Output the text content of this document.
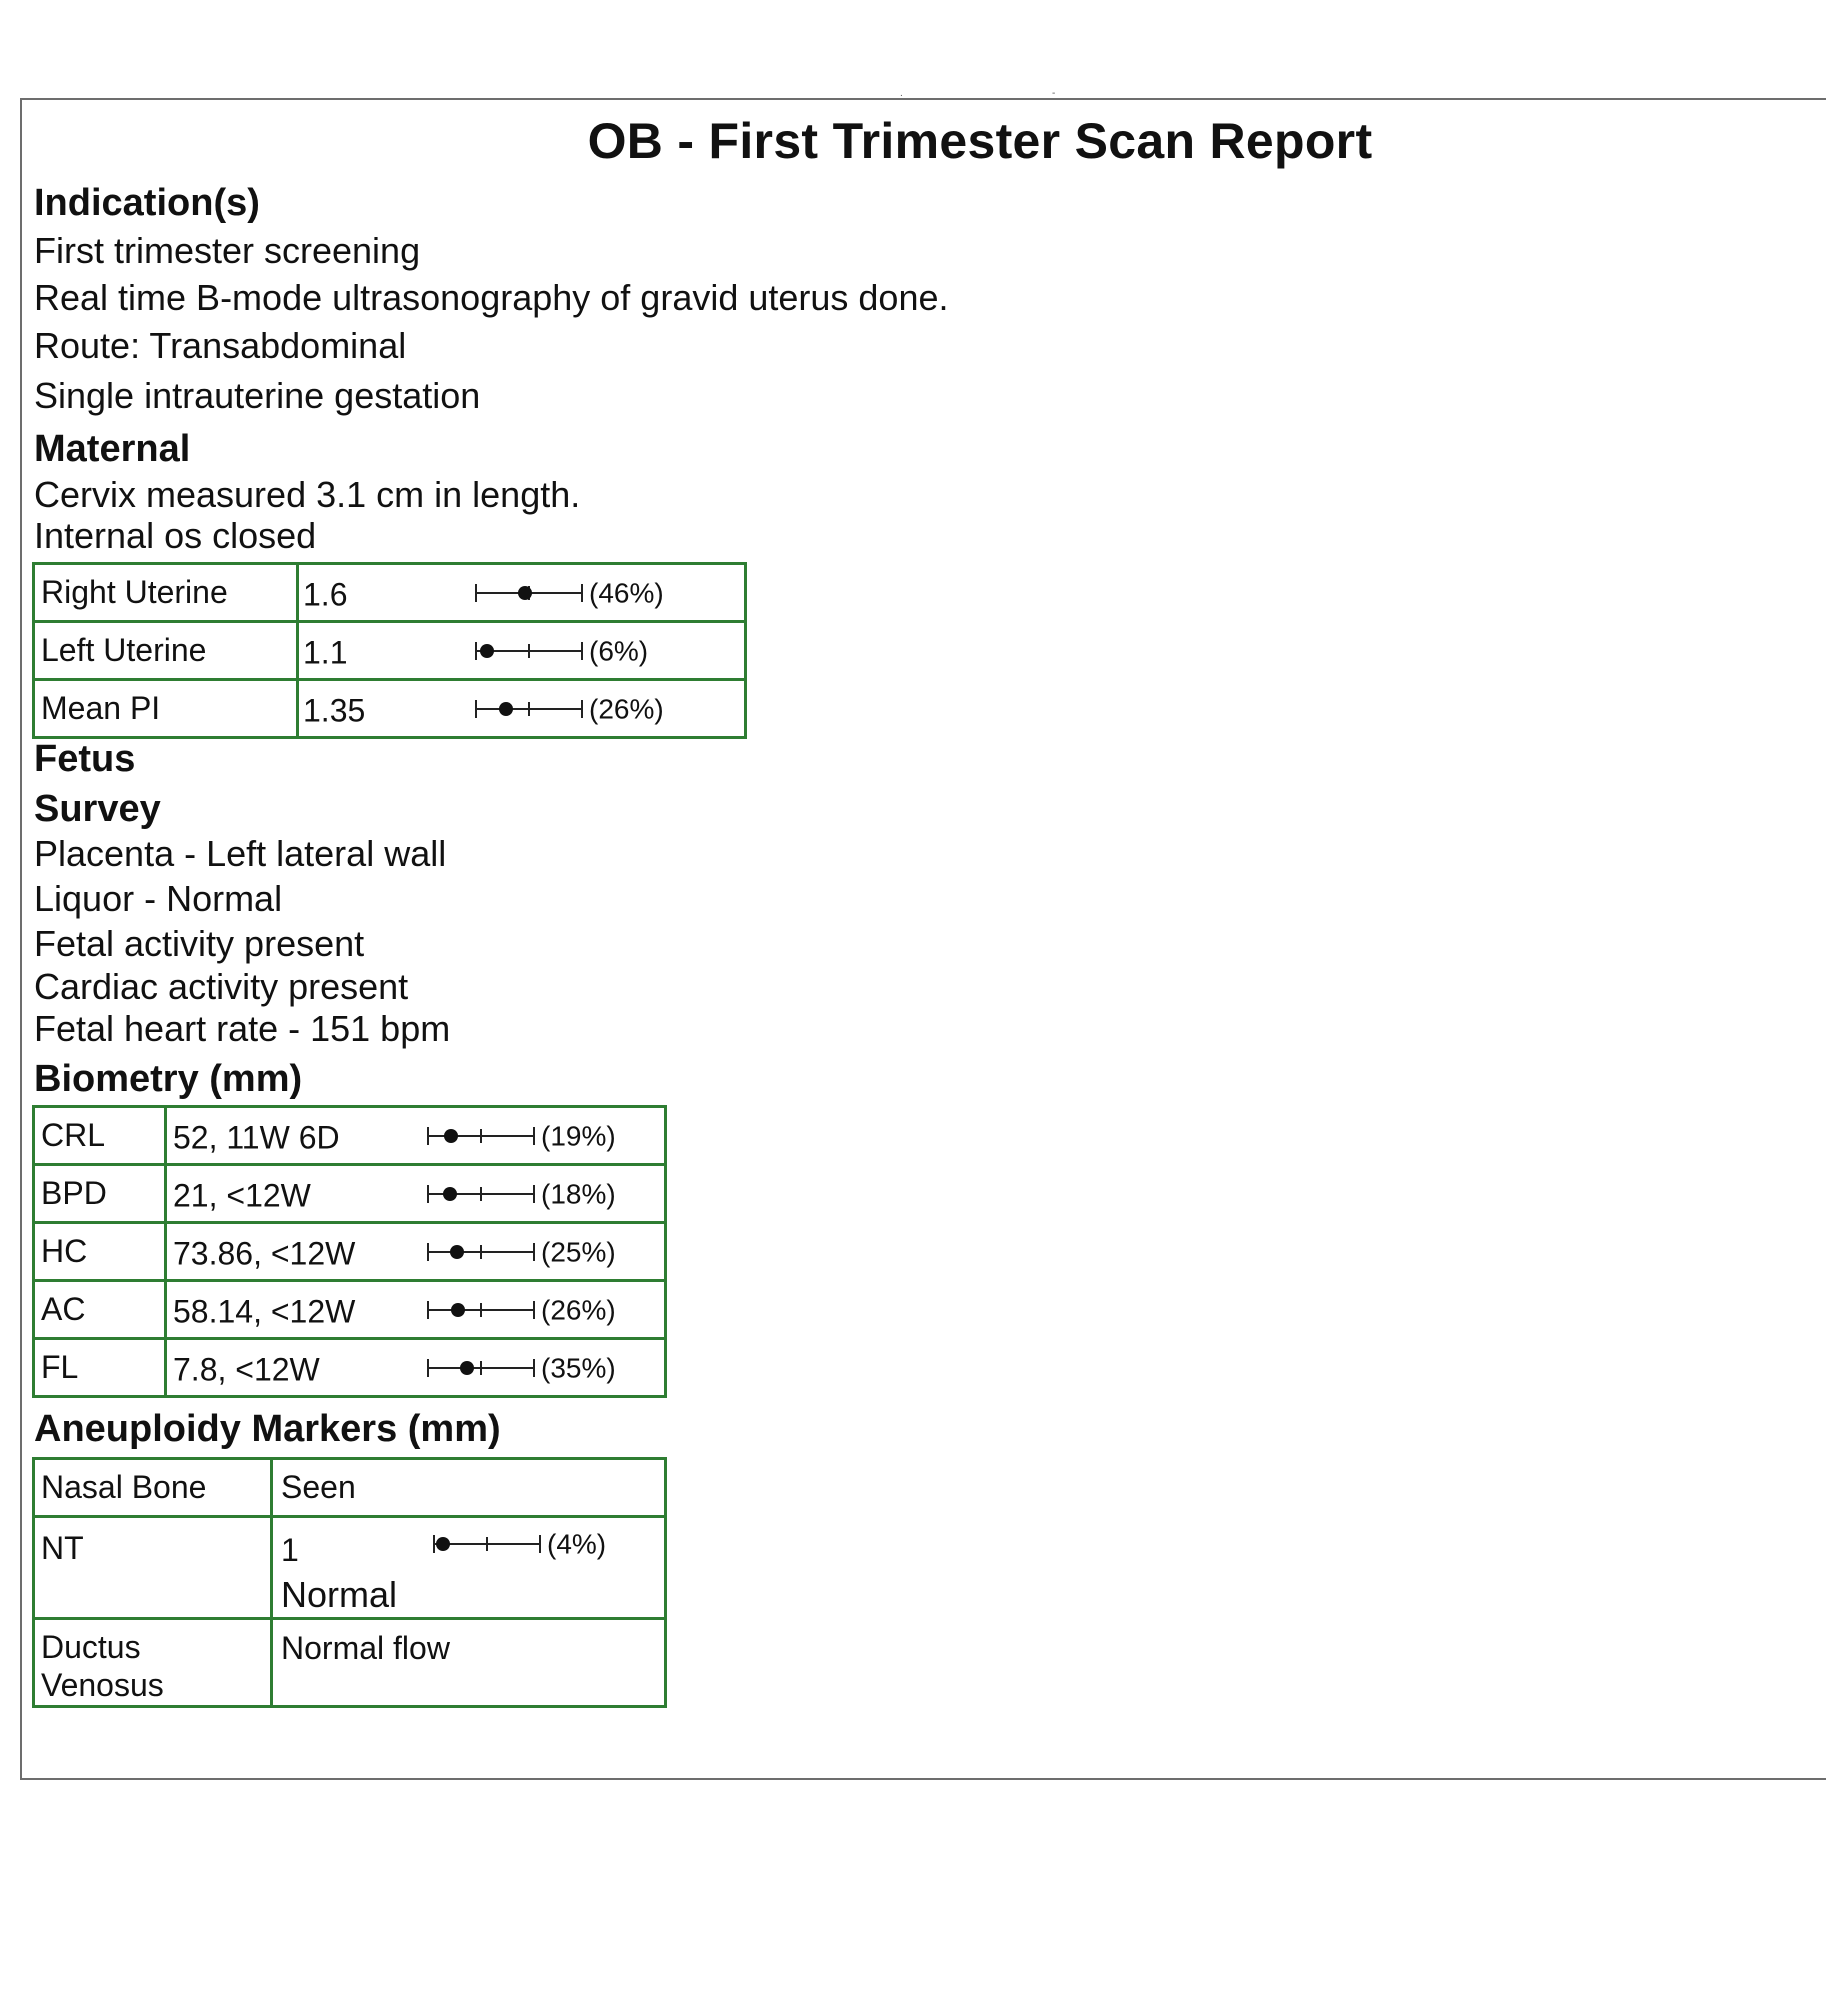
.	-
OB - First Trimester Scan Report
Indication(s)
First trimester screening
Real time B-mode ultrasonography of gravid uterus done.
Route: Transabdominal
Single intrauterine gestation
Maternal
Cervix measured 3.1 cm in length.
Internal os closed
Right Uterine	1.6 (46%)

Left Uterine	1.1 (6%)

Mean PI	1.35 (26%)
Fetus
Survey
Placenta - Left lateral wall
Liquor - Normal
Fetal activity present
Cardiac activity present
Fetal heart rate - 151 bpm
Biometry (mm)
CRL	52, 11W 6D (19%)

BPD	21, <12W (18%)

HC	73.86, <12W (25%)

AC	58.14, <12W (26%)

FL	7.8, <12W (35%)
Aneuploidy Markers (mm)
Nasal Bone	Seen
NT	1
Normal
(4%)

Ductus
Venosus	Normal flow
